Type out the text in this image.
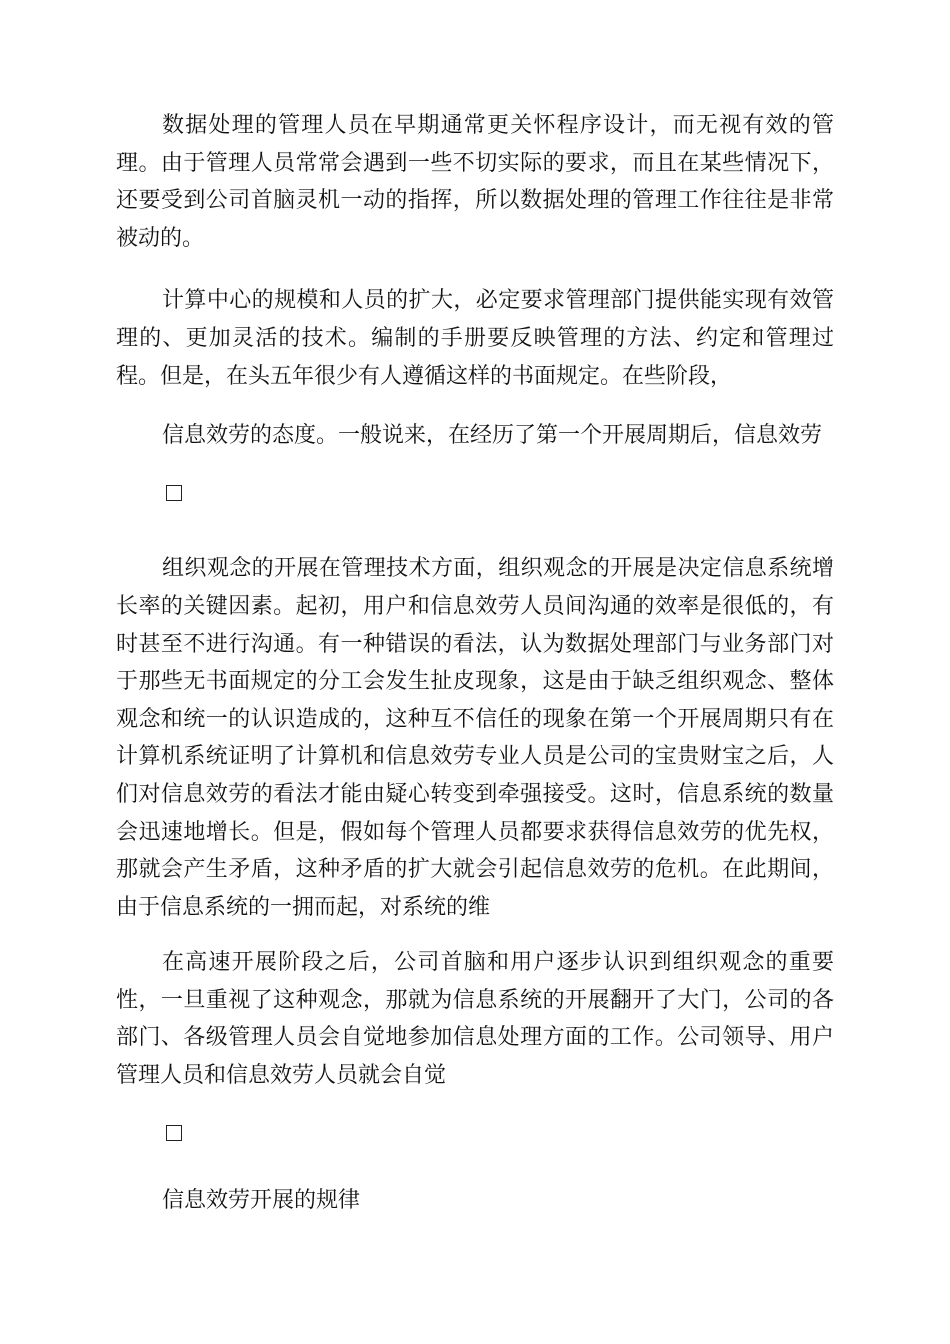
数据处理的管理人员在早期通常更关怀程序设计，而无视有效的管理。由于管理人员常常会遇到一些不切实际的要求，而且在某些情况下，还要受到公司首脑灵机一动的指挥，所以数据处理的管理工作往往是非常被动的。

计算中心的规模和人员的扩大，必定要求管理部门提供能实现有效管理的、更加灵活的技术。编制的手册要反映管理的方法、约定和管理过程。但是，在头五年很少有人遵循这样的书面规定。在些阶段，

信息效劳的态度。一般说来，在经历了第一个开展周期后，信息效劳

组织观念的开展在管理技术方面，组织观念的开展是决定信息系统增长率的关键因素。起初，用户和信息效劳人员间沟通的效率是很低的，有时甚至不进行沟通。有一种错误的看法，认为数据处理部门与业务部门对于那些无书面规定的分工会发生扯皮现象，这是由于缺乏组织观念、整体观念和统一的认识造成的，这种互不信任的现象在第一个开展周期只有在计算机系统证明了计算机和信息效劳专业人员是公司的宝贵财宝之后，人们对信息效劳的看法才能由疑心转变到牵强接受。这时，信息系统的数量会迅速地增长。但是，假如每个管理人员都要求获得信息效劳的优先权，那就会产生矛盾，这种矛盾的扩大就会引起信息效劳的危机。在此期间，由于信息系统的一拥而起，对系统的维

在高速开展阶段之后，公司首脑和用户逐步认识到组织观念的重要性，一旦重视了这种观念，那就为信息系统的开展翻开了大门，公司的各部门、各级管理人员会自觉地参加信息处理方面的工作。公司领导、用户管理人员和信息效劳人员就会自觉

信息效劳开展的规律
